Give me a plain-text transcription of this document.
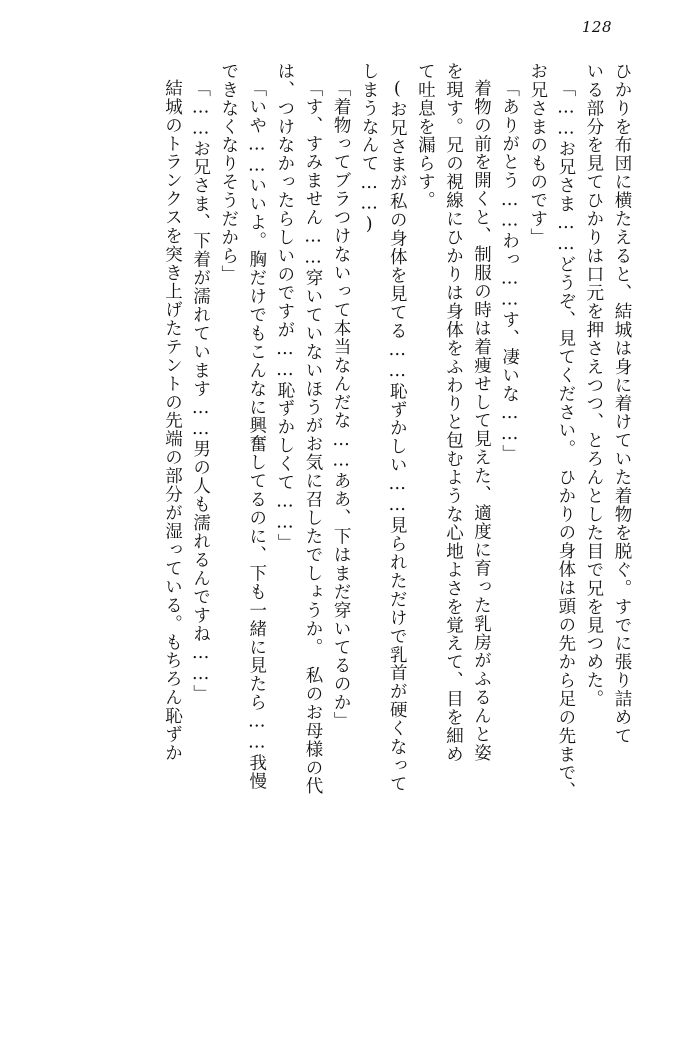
128
ひかりを布団に横たえると、結城は身に着けていた着物を脱ぐ。すでに張り詰めて
いる部分を見てひかりは口元を押さえつつ、とろんとした目で兄を見つめた。
「……お兄さま……どうぞ、見てください。　ひかりの身体は頭の先から足の先まで、
お兄さまのものです」
「ありがとう……わっ……す、凄いな……」
着物の前を開くと、制服の時は着痩せして見えた、適度に育った乳房がふるんと姿
を現す。兄の視線にひかりは身体をふわりと包むような心地よさを覚えて、目を細め
て吐息を漏らす。
(お兄さまが私の身体を見てる……恥ずかしい……見られただけで乳首が硬くなって
しまうなんて……)
「着物ってブラつけないって本当なんだな……ああ、下はまだ穿いてるのか」
「す、すみません……穿いていないほうがお気に召したでしょうか。　私のお母様の代
は、つけなかったらしいのですが……恥ずかしくて……」
「いや……いいよ。胸だけでもこんなに興奮してるのに、下も一緒に見たら……我慢
できなくなりそうだから」
「……お兄さま、下着が濡れています……男の人も濡れるんですね……」
結城のトランクスを突き上げたテントの先端の部分が湿っている。もちろん恥ずか
